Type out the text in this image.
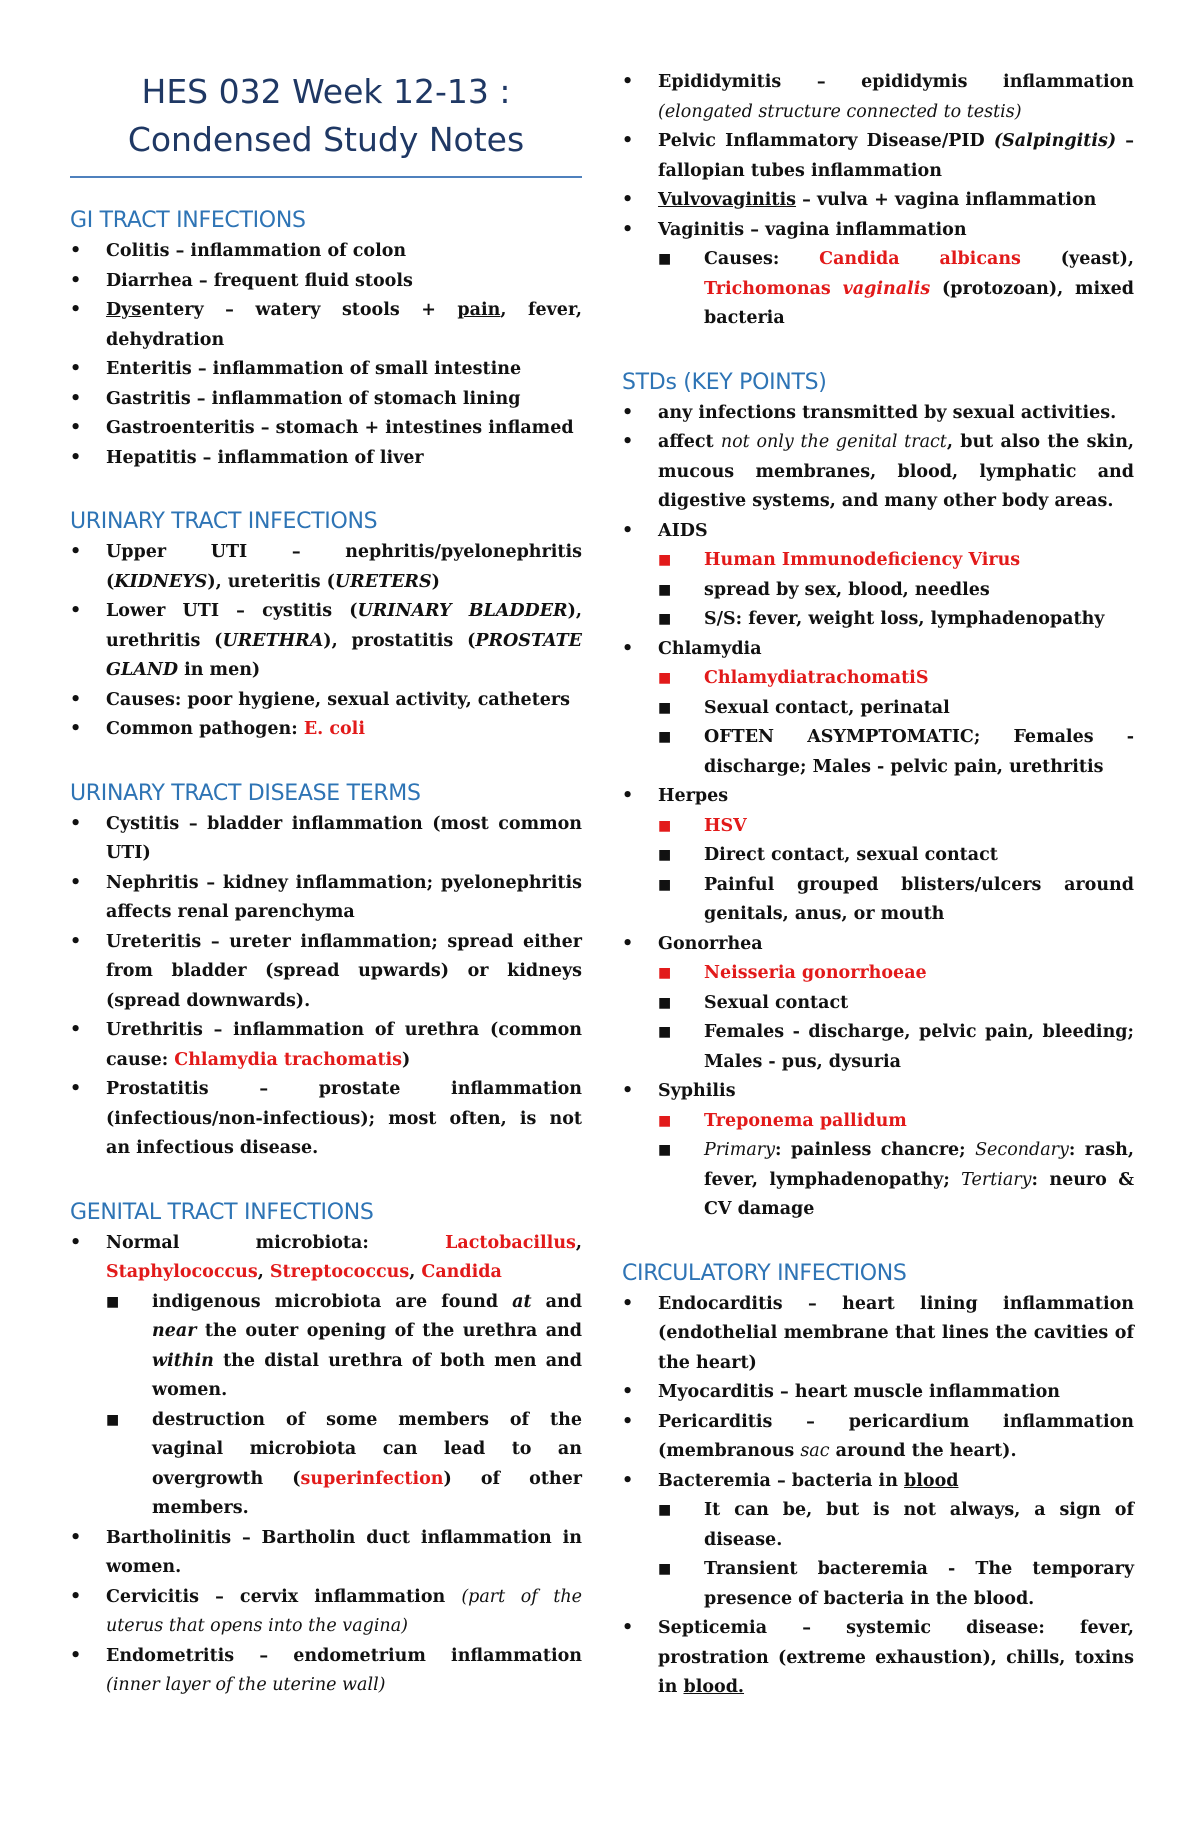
HES 032 Week 12-13 :
Condensed Study Notes
GI TRACT INFECTIONS
• Colitis – inflammation of colon
• Diarrhea – frequent fluid stools
• Dysentery – watery stools + pain, fever, dehydration
• Enteritis – inflammation of small intestine
• Gastritis – inflammation of stomach lining
• Gastroenteritis – stomach + intestines inflamed
• Hepatitis – inflammation of liver
URINARY TRACT INFECTIONS
• Upper UTI – nephritis/pyelonephritis (KIDNEYS), ureteritis (URETERS)
• Lower UTI – cystitis (URINARY BLADDER), urethritis (URETHRA), prostatitis (PROSTATE GLAND in men)
• Causes: poor hygiene, sexual activity, catheters
• Common pathogen: E. coli
URINARY TRACT DISEASE TERMS
• Cystitis – bladder inflammation (most common UTI)
• Nephritis – kidney inflammation; pyelonephritis affects renal parenchyma
• Ureteritis – ureter inflammation; spread either from bladder (spread upwards) or kidneys (spread downwards).
• Urethritis – inflammation of urethra (common cause: Chlamydia trachomatis)
• Prostatitis – prostate inflammation (infectious/non-infectious); most often, is not an infectious disease.
GENITAL TRACT INFECTIONS
• Normal microbiota: Lactobacillus, Staphylococcus, Streptococcus, Candida
■ indigenous microbiota are found at and near the outer opening of the urethra and within the distal urethra of both men and women.
■ destruction of some members of the vaginal microbiota can lead to an overgrowth (superinfection) of other members.
• Bartholinitis – Bartholin duct inflammation in women.
• Cervicitis – cervix inflammation (part of the uterus that opens into the vagina)
• Endometritis – endometrium inflammation (inner layer of the uterine wall)
• Epididymitis – epididymis inflammation (elongated structure connected to testis)
• Pelvic Inflammatory Disease/PID (Salpingitis) – fallopian tubes inflammation
• Vulvovaginitis – vulva + vagina inflammation
• Vaginitis – vagina inflammation
■ Causes: Candida albicans (yeast), Trichomonas vaginalis (protozoan), mixed bacteria
STDs (KEY POINTS)
• any infections transmitted by sexual activities.
• affect not only the genital tract, but also the skin, mucous membranes, blood, lymphatic and digestive systems, and many other body areas.
• AIDS
■ Human Immunodeficiency Virus
■ spread by sex, blood, needles
■ S/S: fever, weight loss, lymphadenopathy
• Chlamydia
■ ChlamydiatrachomatiS
■ Sexual contact, perinatal
■ OFTEN ASYMPTOMATIC; Females - discharge; Males - pelvic pain, urethritis
• Herpes
■ HSV
■ Direct contact, sexual contact
■ Painful grouped blisters/ulcers around genitals, anus, or mouth
• Gonorrhea
■ Neisseria gonorrhoeae
■ Sexual contact
■ Females - discharge, pelvic pain, bleeding; Males - pus, dysuria
• Syphilis
■ Treponema pallidum
■ Primary: painless chancre; Secondary: rash, fever, lymphadenopathy; Tertiary: neuro & CV damage
CIRCULATORY INFECTIONS
• Endocarditis – heart lining inflammation (endothelial membrane that lines the cavities of the heart)
• Myocarditis – heart muscle inflammation
• Pericarditis – pericardium inflammation (membranous sac around the heart).
• Bacteremia – bacteria in blood
■ It can be, but is not always, a sign of disease.
■ Transient bacteremia - The temporary presence of bacteria in the blood.
• Septicemia – systemic disease: fever, prostration (extreme exhaustion), chills, toxins in blood.
